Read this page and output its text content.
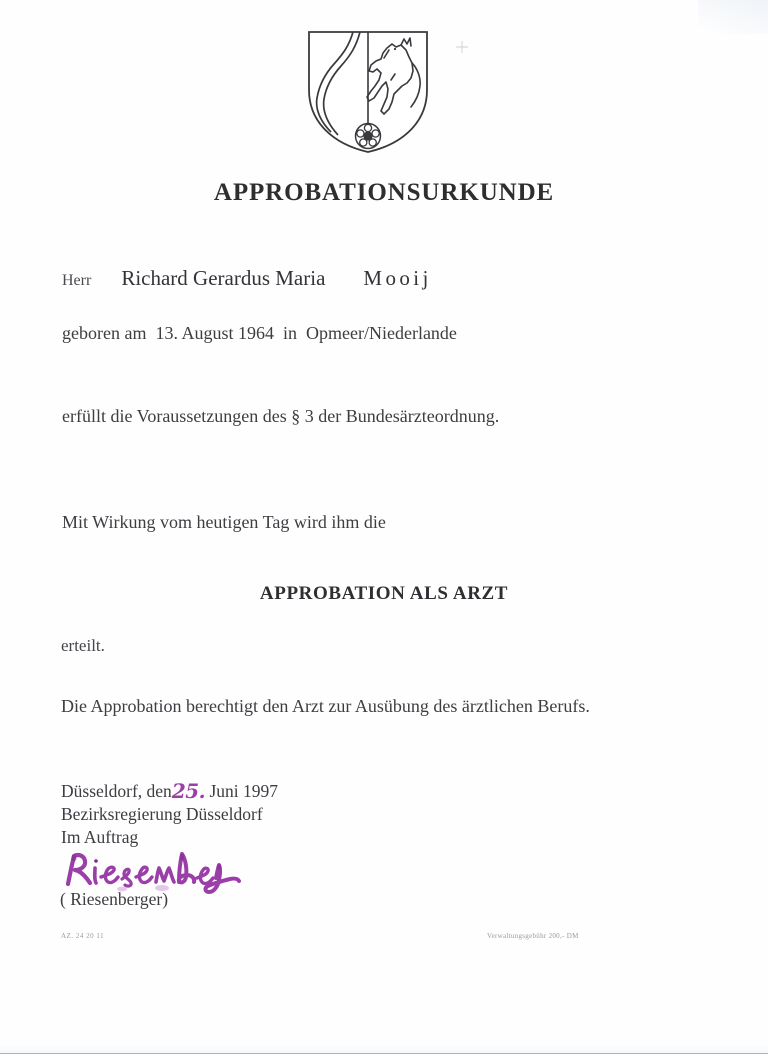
APPROBATIONSURKUNDE
Herr Richard Gerardus Maria Mooij
geboren am 13. August 1964 in Opmeer/Niederlande
erfüllt die Voraussetzungen des § 3 der Bundesärzteordnung.
Mit Wirkung vom heutigen Tag wird ihm die
APPROBATION ALS ARZT
erteilt.
Die Approbation berechtigt den Arzt zur Ausübung des ärztlichen Berufs.
Düsseldorf, den25. Juni 1997
Bezirksregierung Düsseldorf
Im Auftrag
( Riesenberger)
AZ. 24 20 11	Verwaltungsgebühr 200,- DM
